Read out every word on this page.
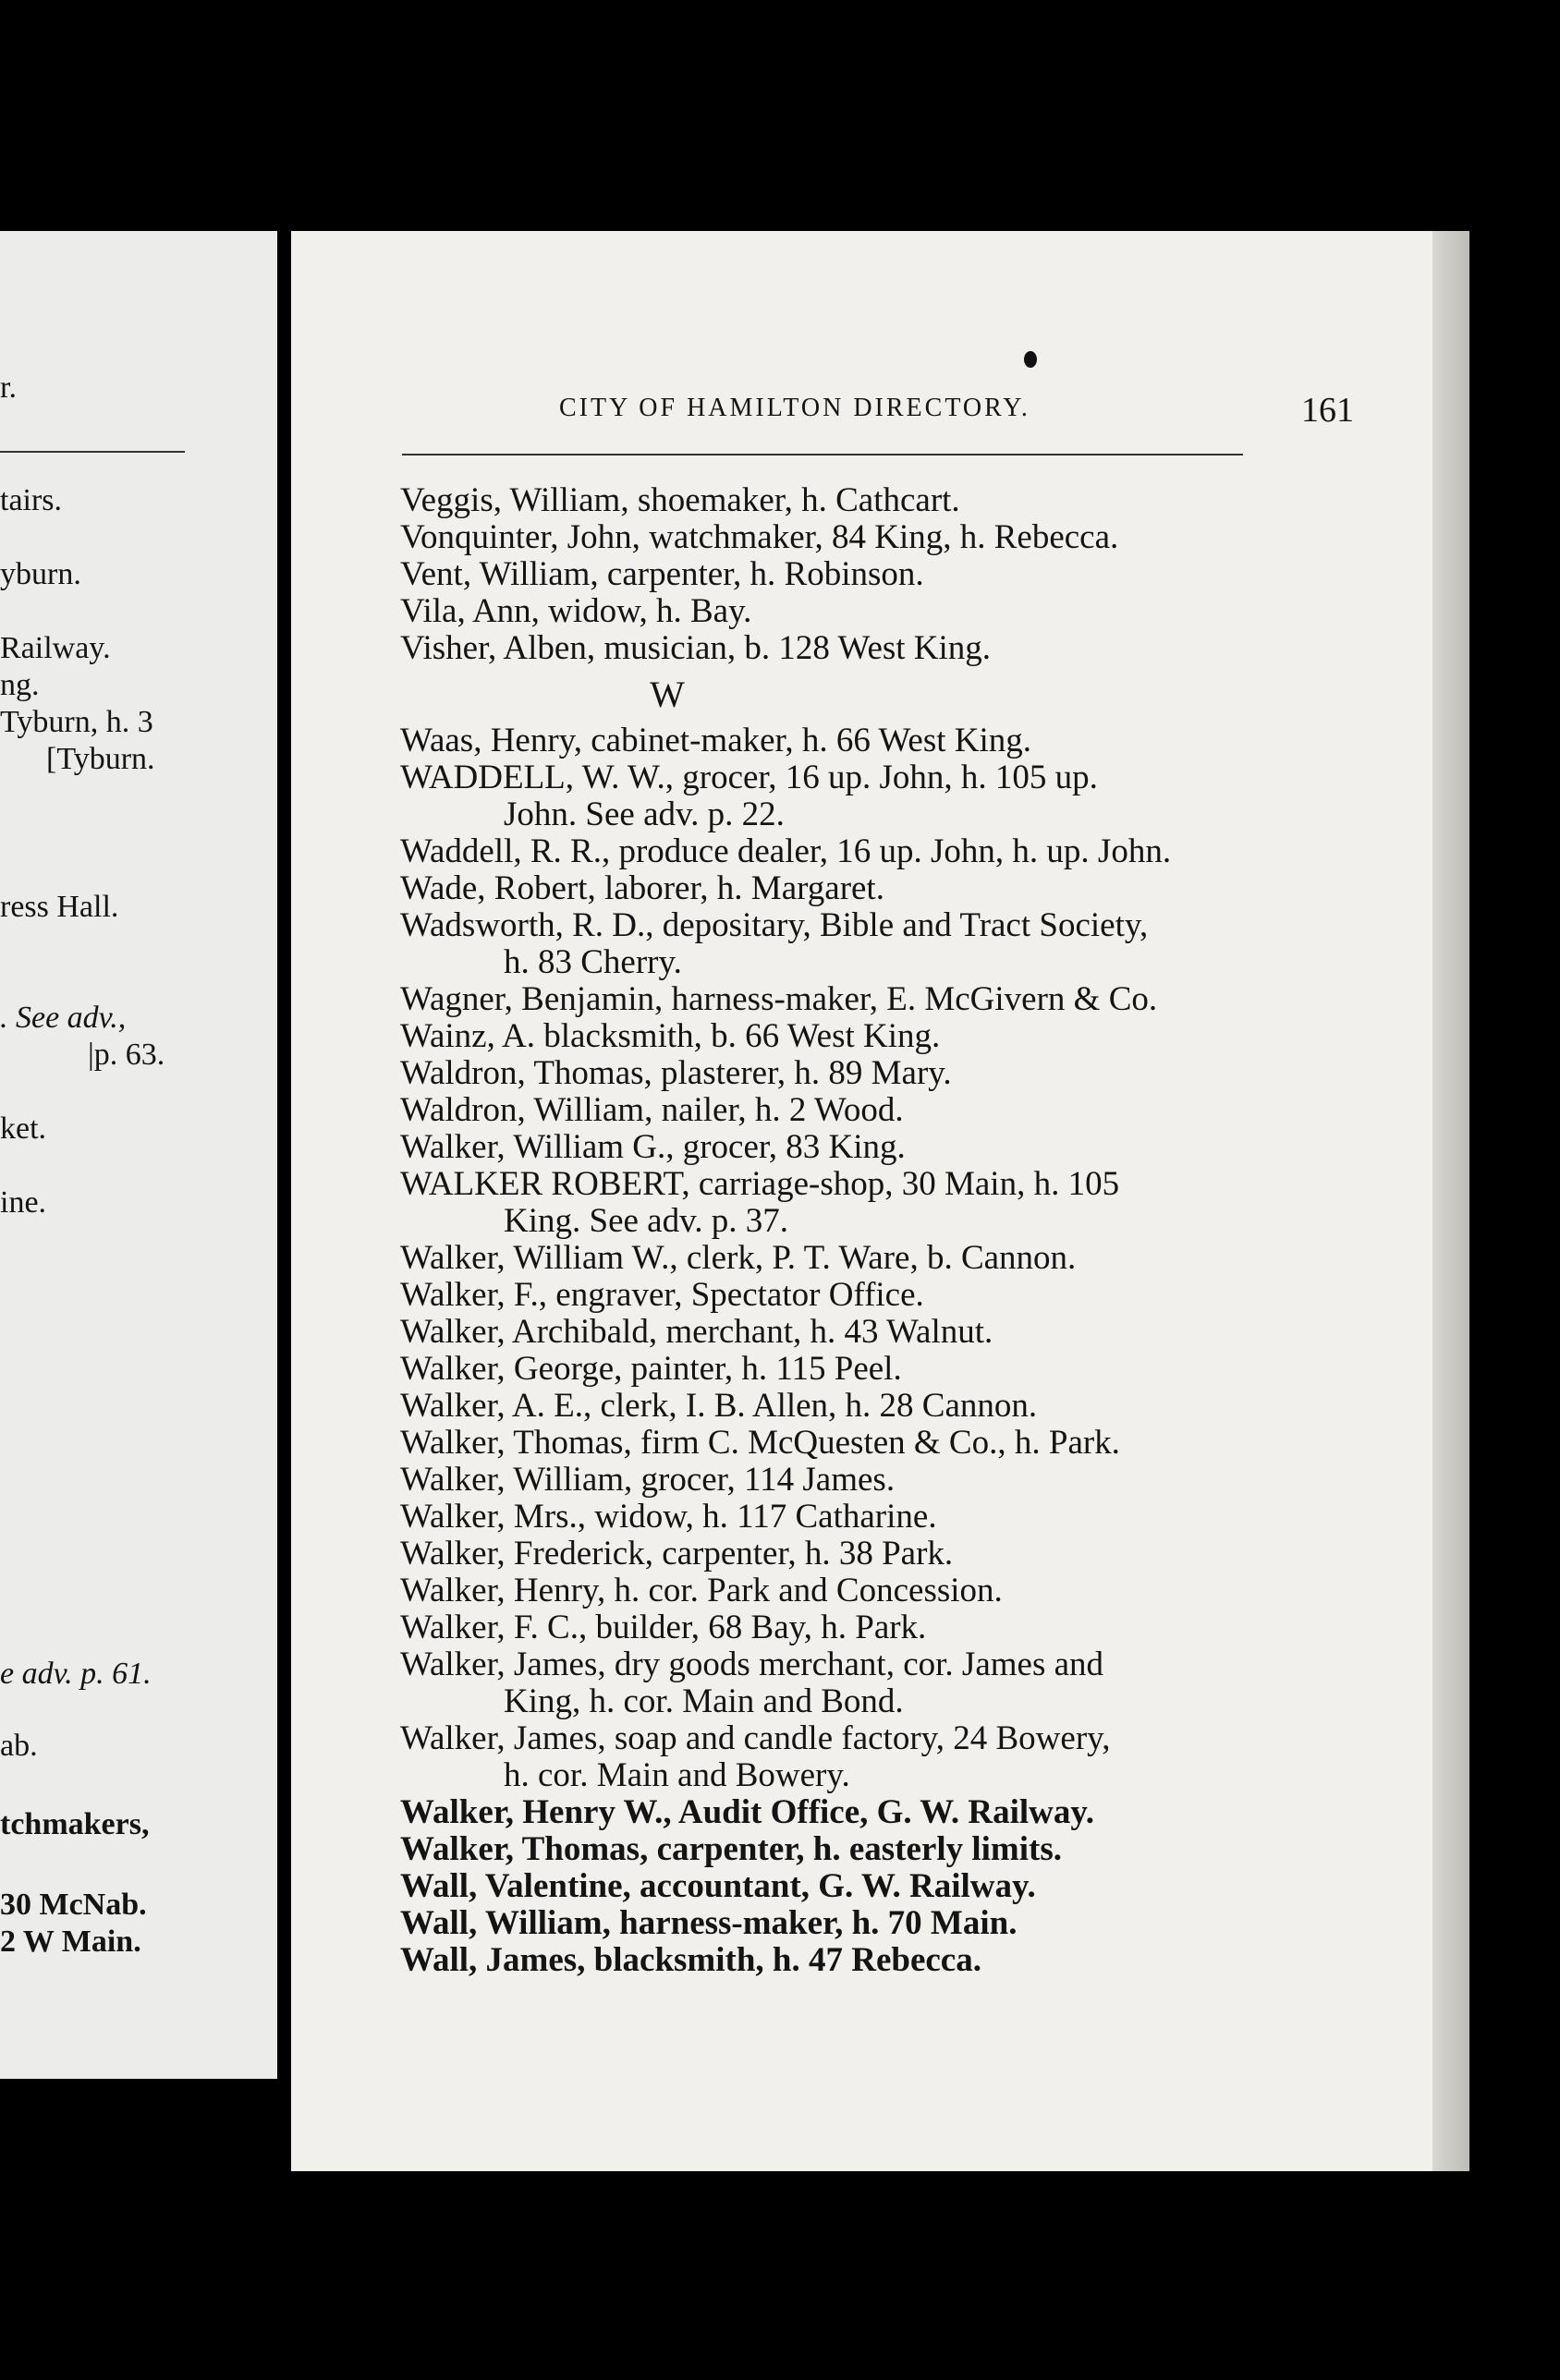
r.
tairs.
yburn.
Railway.
ng.
Tyburn, h. 3
[Tyburn.
ress Hall.
. See adv.,
|p. 63.
ket.
ine.
e adv. p. 61.
ab.
tchmakers,
30 McNab.
2 W Main.
CITY OF HAMILTON DIRECTORY.	161
Veggis, William, shoemaker, h. Cathcart.
Vonquinter, John, watchmaker, 84 King, h. Rebecca.
Vent, William, carpenter, h. Robinson.
Vila, Ann, widow, h. Bay.
Visher, Alben, musician, b. 128 West King.
W
Waas, Henry, cabinet-maker, h. 66 West King.
WADDELL, W. W., grocer, 16 up. John, h. 105 up.
John. See adv. p. 22.
Waddell, R. R., produce dealer, 16 up. John, h. up. John.
Wade, Robert, laborer, h. Margaret.
Wadsworth, R. D., depositary, Bible and Tract Society,
h. 83 Cherry.
Wagner, Benjamin, harness-maker, E. McGivern & Co.
Wainz, A. blacksmith, b. 66 West King.
Waldron, Thomas, plasterer, h. 89 Mary.
Waldron, William, nailer, h. 2 Wood.
Walker, William G., grocer, 83 King.
WALKER ROBERT, carriage-shop, 30 Main, h. 105
King. See adv. p. 37.
Walker, William W., clerk, P. T. Ware, b. Cannon.
Walker, F., engraver, Spectator Office.
Walker, Archibald, merchant, h. 43 Walnut.
Walker, George, painter, h. 115 Peel.
Walker, A. E., clerk, I. B. Allen, h. 28 Cannon.
Walker, Thomas, firm C. McQuesten & Co., h. Park.
Walker, William, grocer, 114 James.
Walker, Mrs., widow, h. 117 Catharine.
Walker, Frederick, carpenter, h. 38 Park.
Walker, Henry, h. cor. Park and Concession.
Walker, F. C., builder, 68 Bay, h. Park.
Walker, James, dry goods merchant, cor. James and
King, h. cor. Main and Bond.
Walker, James, soap and candle factory, 24 Bowery,
h. cor. Main and Bowery.
Walker, Henry W., Audit Office, G. W. Railway.
Walker, Thomas, carpenter, h. easterly limits.
Wall, Valentine, accountant, G. W. Railway.
Wall, William, harness-maker, h. 70 Main.
Wall, James, blacksmith, h. 47 Rebecca.
